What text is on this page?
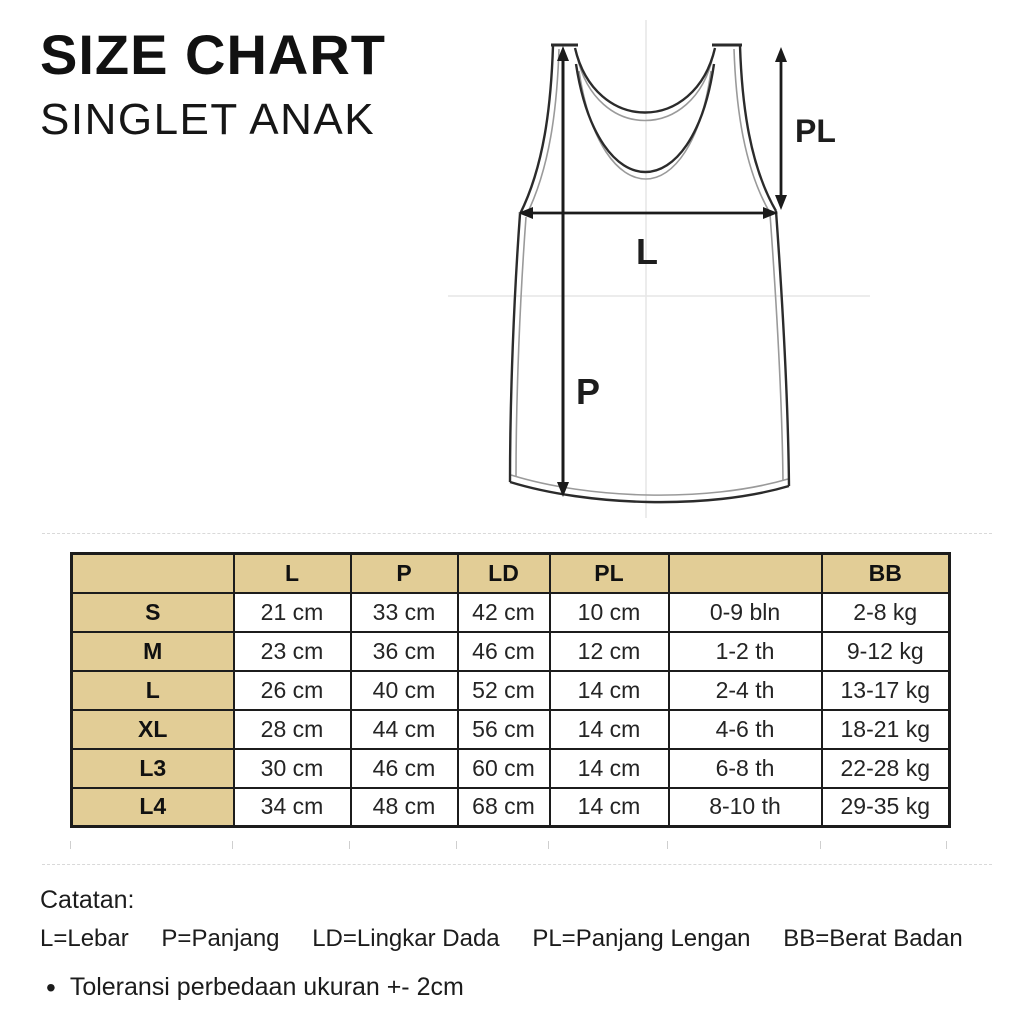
SIZE CHART
SINGLET ANAK
L
P
PL
	L	P	LD	PL		BB
S	21 cm	33 cm	42 cm	10 cm	0-9 bln	2-8 kg
M	23 cm	36 cm	46 cm	12 cm	1-2 th	9-12 kg
L	26 cm	40 cm	52 cm	14 cm	2-4 th	13-17 kg
XL	28 cm	44 cm	56 cm	14 cm	4-6 th	18-21 kg
L3	30 cm	46 cm	60 cm	14 cm	6-8 th	22-28 kg
L4	34 cm	48 cm	68 cm	14 cm	8-10 th	29-35 kg
Catatan:
L=Lebar P=Panjang LD=Lingkar Dada PL=Panjang Lengan BB=Berat Badan
• Toleransi perbedaan ukuran +- 2cm
